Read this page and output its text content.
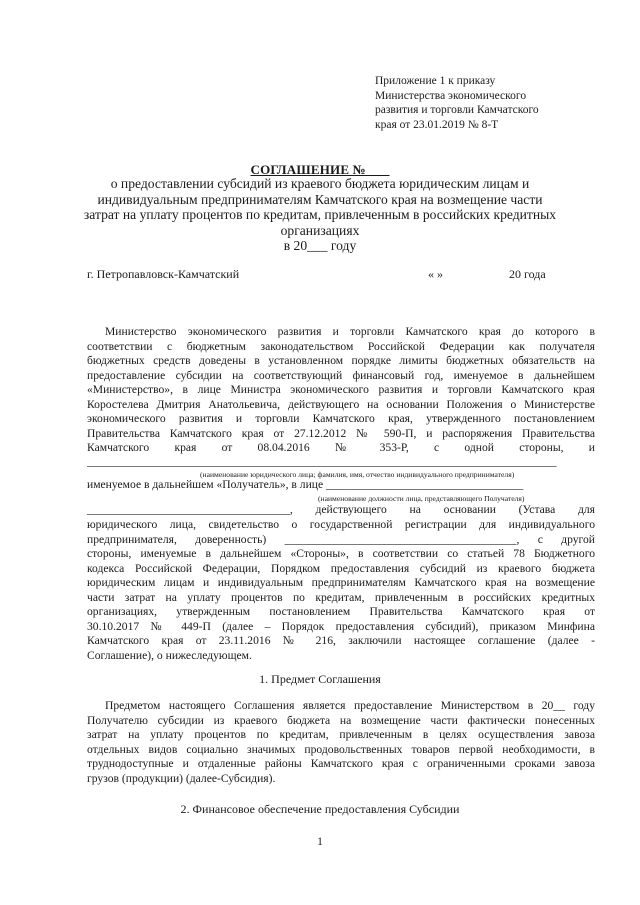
Приложение 1 к приказу
Министерства экономического
развития и торговли Камчатского
края от 23.01.2019 № 8-Т
СОГЛАШЕНИЕ № ___
о предоставлении субсидий из краевого бюджета юридическим лицам и
индивидуальным предпринимателям Камчатского края на возмещение части
затрат на уплату процентов по кредитам, привлеченным в российских кредитных
организациях
в 20___ году
г. Петропавловск-Камчатский	« »	20 года
Министерство экономического развития и торговли Камчатского края до которого в
соответствии с бюджетным законодательством Российской Федерации как получателя
бюджетных средств доведены в установленном порядке лимиты бюджетных обязательств на
предоставление субсидии на соответствующий финансовый год, именуемое в дальнейшем
«Министерство», в лице Министра экономического развития и торговли Камчатского края
Коростелева Дмитрия Анатольевича, действующего на основании Положения о Министерстве
экономического развития и торговли Камчатского края, утвержденного постановлением
Правительства Камчатского края от 27.12.2012 № 590-П, и распоряжения Правительства
Камчатского края от 08.04.2016 № 353-Р, с одной стороны, и
_________________________________________________________________________________
(наименование юридического лица; фамилия, имя, отчество индивидуального предпринимателя)
именуемое в дальнейшем «Получатель», в лице __________________________________
(наименование должности лица, представляющего Получателя)
___________________________________, действующего на основании (Устава для
юридического лица, свидетельство о государственной регистрации для индивидуального
предпринимателя, доверенность) ________________________________________, с другой
стороны, именуемые в дальнейшем «Стороны», в соответствии со статьей 78 Бюджетного
кодекса Российской Федерации, Порядком предоставления субсидий из краевого бюджета
юридическим лицам и индивидуальным предпринимателям Камчатского края на возмещение
части затрат на уплату процентов по кредитам, привлеченным в российских кредитных
организациях, утвержденным постановлением Правительства Камчатского края от
30.10.2017 № 449-П (далее – Порядок предоставления субсидий), приказом Минфина
Камчатского края от 23.11.2016 № 216, заключили настоящее соглашение (далее -
Соглашение), о нижеследующем.
1. Предмет Соглашения
Предметом настоящего Соглашения является предоставление Министерством в 20__ году
Получателю субсидии из краевого бюджета на возмещение части фактически понесенных
затрат на уплату процентов по кредитам, привлеченным в целях осуществления завоза
отдельных видов социально значимых продовольственных товаров первой необходимости, в
труднодоступные и отдаленные районы Камчатского края с ограниченными сроками завоза
грузов (продукции) (далее-Субсидия).
2. Финансовое обеспечение предоставления Субсидии
1
